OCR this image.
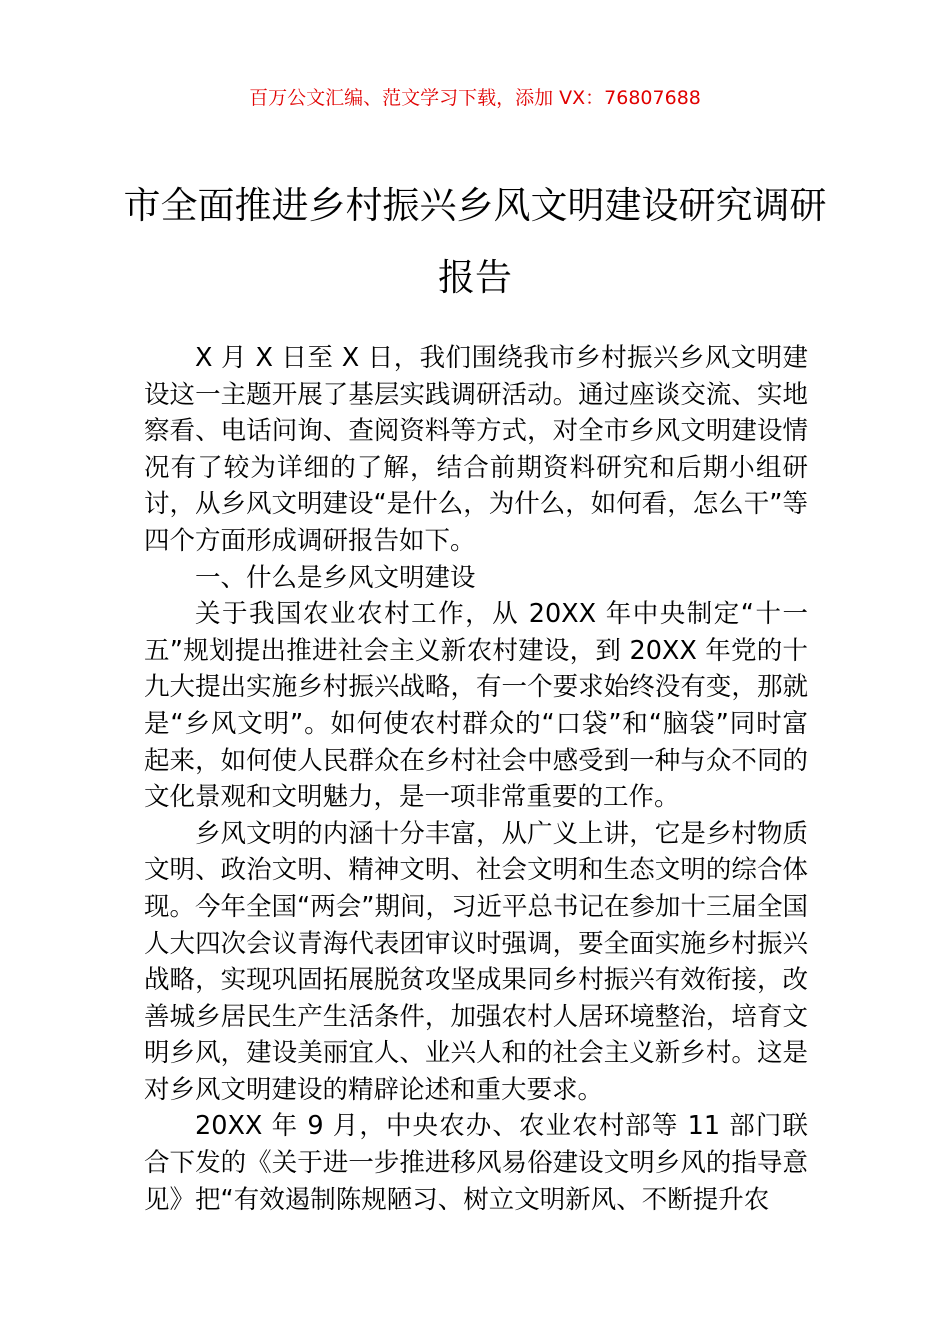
百万公文汇编、范文学习下载，添加 VX：76807688
市全面推进乡村振兴乡风文明建设研究调研报告

X 月 X 日至 X 日，我们围绕我市乡村振兴乡风文明建设这一主题开展了基层实践调研活动。通过座谈交流、实地察看、电话问询、查阅资料等方式，对全市乡风文明建设情况有了较为详细的了解，结合前期资料研究和后期小组研讨，从乡风文明建设“是什么，为什么，如何看，怎么干”等四个方面形成调研报告如下。

一、什么是乡风文明建设

关于我国农业农村工作，从 20XX 年中央制定“十一五”规划提出推进社会主义新农村建设，到 20XX 年党的十九大提出实施乡村振兴战略，有一个要求始终没有变，那就是“乡风文明”。如何使农村群众的“口袋”和“脑袋”同时富起来，如何使人民群众在乡村社会中感受到一种与众不同的文化景观和文明魅力，是一项非常重要的工作。

乡风文明的内涵十分丰富，从广义上讲，它是乡村物质文明、政治文明、精神文明、社会文明和生态文明的综合体现。今年全国“两会”期间，习近平总书记在参加十三届全国人大四次会议青海代表团审议时强调，要全面实施乡村振兴战略，实现巩固拓展脱贫攻坚成果同乡村振兴有效衔接，改善城乡居民生产生活条件，加强农村人居环境整治，培育文明乡风，建设美丽宜人、业兴人和的社会主义新乡村。这是对乡风文明建设的精辟论述和重大要求。

20XX 年 9 月，中央农办、农业农村部等 11 部门联合下发的《关于进一步推进移风易俗建设文明乡风的指导意见》把“有效遏制陈规陋习、树立文明新风、不断提升农
